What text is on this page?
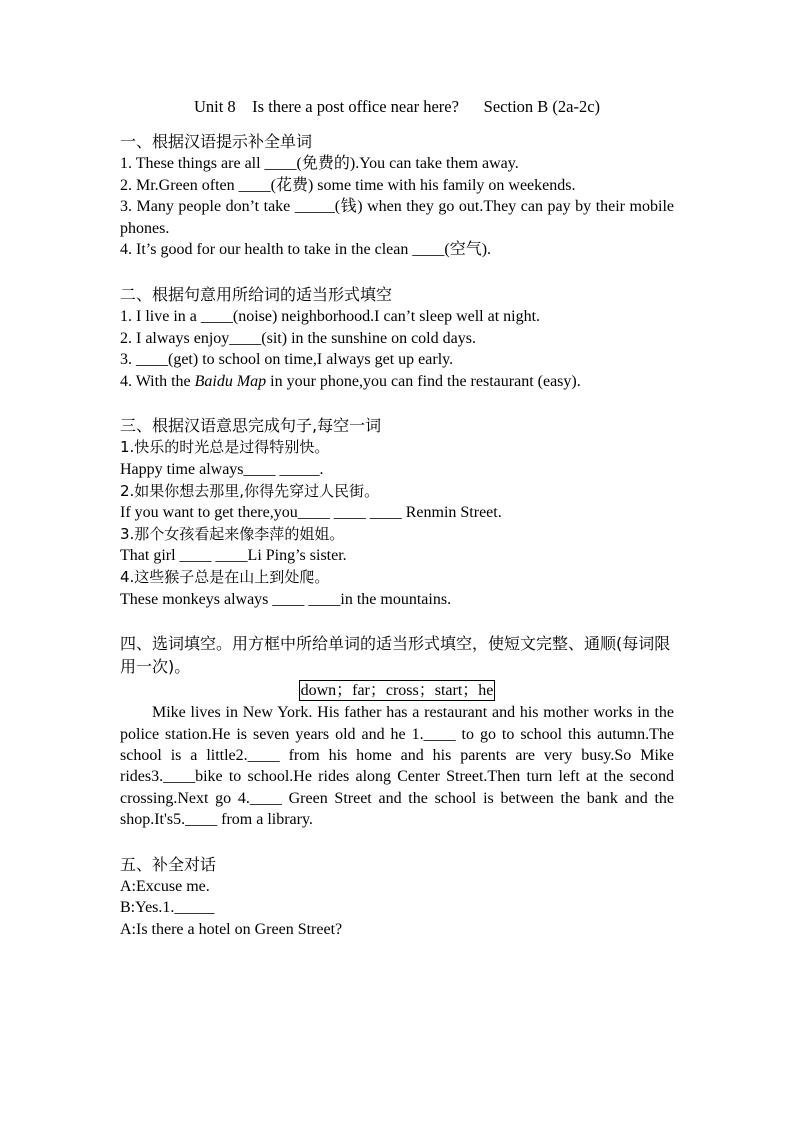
Unit 8    Is there a post office near here?      Section B (2a-2c)

一、根据汉语提示补全单词

1. These things are all ____(免费的).You can take them away.

2. Mr.Green often ____(花费) some time with his family on weekends.

3. Many people don’t take _____(钱) when they go out.They can pay by their mobile phones.

4. It’s good for our health to take in the clean ____(空气).

二、根据句意用所给词的适当形式填空

1. I live in a ____(noise) neighborhood.I can’t sleep well at night.

2. I always enjoy____(sit) in the sunshine on cold days.

3. ____(get) to school on time,I always get up early.

4. With the Baidu Map in your phone,you can find the restaurant (easy).

三、根据汉语意思完成句子,每空一词

1.快乐的时光总是过得特别快。

Happy time always____ _____.

2.如果你想去那里,你得先穿过人民街。

If you want to get there,you____ ____ ____ Renmin Street.

3.那个女孩看起来像李萍的姐姐。

That girl ____ ____Li Ping’s sister.

4.这些猴子总是在山上到处爬。

These monkeys always ____ ____in the mountains.

四、选词填空。用方框中所给单词的适当形式填空，使短文完整、通顺(每词限用一次)。

down；far；cross；start；he

Mike lives in New York. His father has a restaurant and his mother works in the police station.He is seven years old and he 1.____ to go to school this autumn.The school is a little2.____ from his home and his parents are very busy.So Mike rides3.____bike to school.He rides along Center Street.Then turn left at the second crossing.Next go 4.____ Green Street and the school is between the bank and the shop.It's5.____ from a library.

五、补全对话

A:Excuse me.

B:Yes.1._____

A:Is there a hotel on Green Street?
